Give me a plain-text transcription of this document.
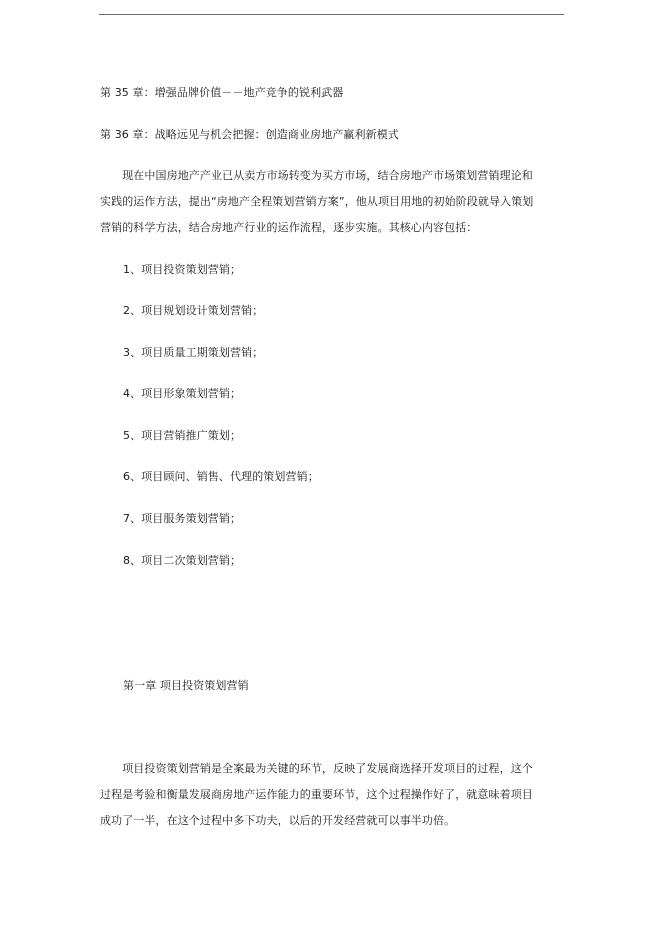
第 35 章：增强品牌价值－－地产竞争的锐利武器
第 36 章：战略远见与机会把握：创造商业房地产赢利新模式
　　现在中国房地产产业已从卖方市场转变为买方市场，结合房地产市场策划营销理论和
实践的运作方法，提出“房地产全程策划营销方案”，他从项目用地的初始阶段就导入策划
营销的科学方法，结合房地产行业的运作流程，逐步实施。其核心内容包括：
1、项目投资策划营销；
2、项目规划设计策划营销；
3、项目质量工期策划营销；
4、项目形象策划营销；
5、项目营销推广策划；
6、项目顾问、销售、代理的策划营销；
7、项目服务策划营销；
8、项目二次策划营销；
第一章 项目投资策划营销
　　项目投资策划营销是全案最为关键的环节，反映了发展商选择开发项目的过程，这个
过程是考验和衡量发展商房地产运作能力的重要环节，这个过程操作好了，就意味着项目
成功了一半，在这个过程中多下功夫，以后的开发经营就可以事半功倍。
